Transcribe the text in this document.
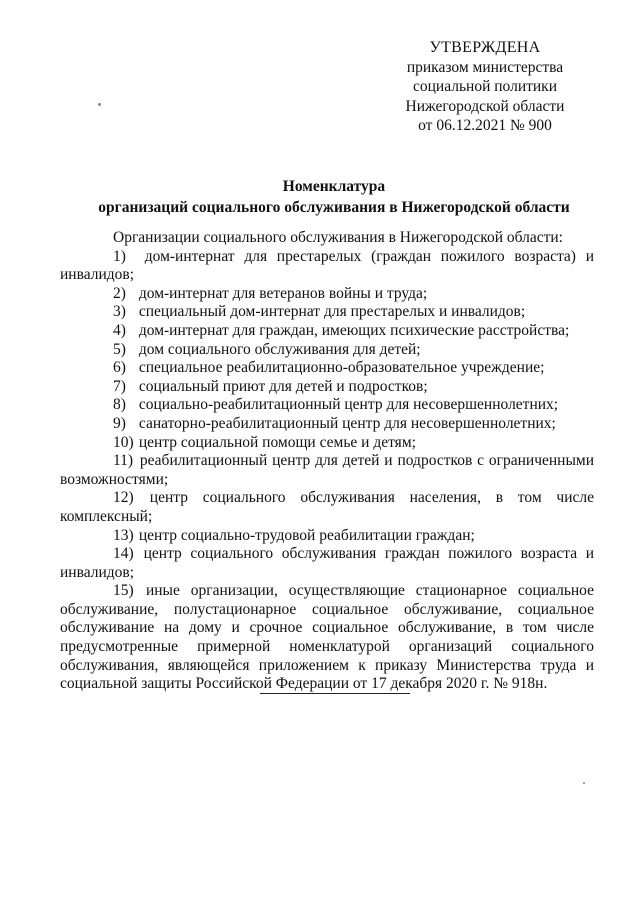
УТВЕРЖДЕНА
приказом министерства
социальной политики
Нижегородской области
от 06.12.2021 № 900
Номенклатура
организаций социального обслуживания в Нижегородской области

Организации социального обслуживания в Нижегородской области:

1) дом-интернат для престарелых (граждан пожилого возраста) и инвалидов;
2) дом-интернат для ветеранов войны и труда;
3) специальный дом-интернат для престарелых и инвалидов;
4) дом-интернат для граждан, имеющих психические расстройства;
5) дом социального обслуживания для детей;
6) специальное реабилитационно-образовательное учреждение;
7) социальный приют для детей и подростков;
8) социально-реабилитационный центр для несовершеннолетних;
9) санаторно-реабилитационный центр для несовершеннолетних;
10) центр социальной помощи семье и детям;
11) реабилитационный центр для детей и подростков с ограниченными возможностями;
12) центр социального обслуживания населения, в том числе комплексный;
13) центр социально-трудовой реабилитации граждан;
14) центр социального обслуживания граждан пожилого возраста и инвалидов;
15) иные организации, осуществляющие стационарное социальное обслуживание, полустационарное социальное обслуживание, социальное обслуживание на дому и срочное социальное обслуживание, в том числе предусмотренные примерной номенклатурой организаций социального обслуживания, являющейся приложением к приказу Министерства труда и социальной защиты Российской Федерации от 17 декабря 2020 г. № 918н.
